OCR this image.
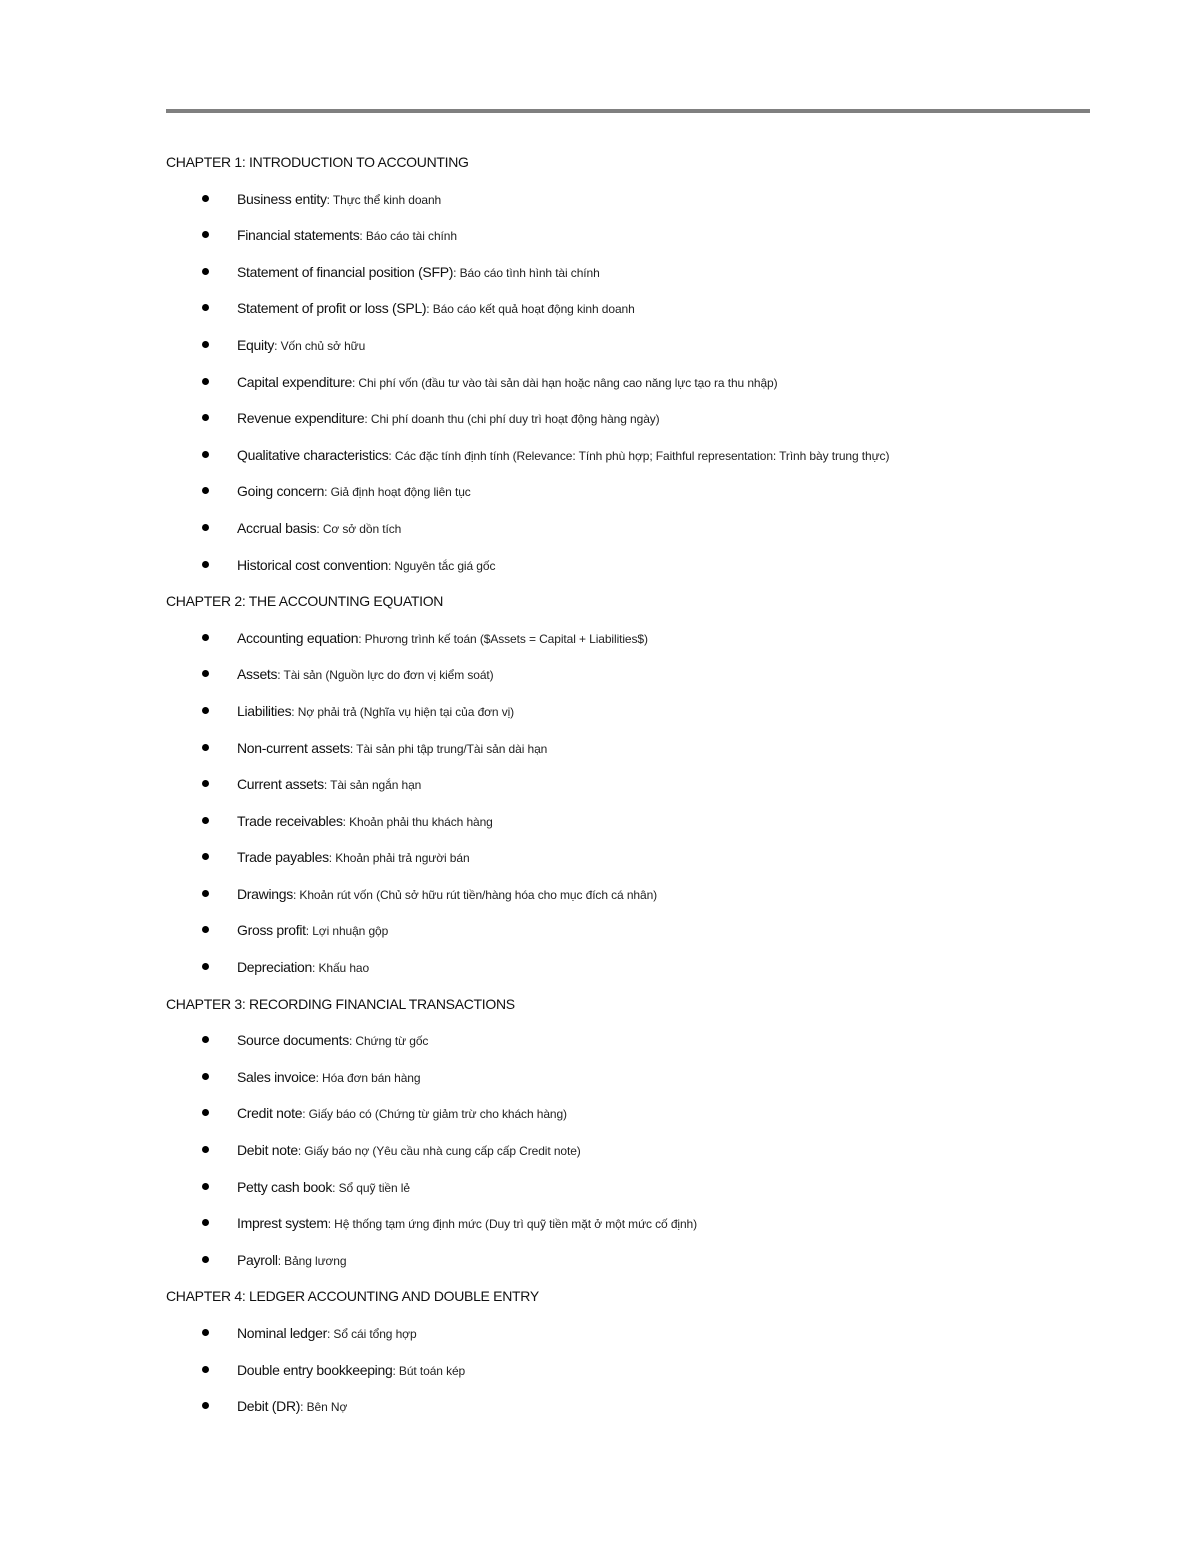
CHAPTER 1: INTRODUCTION TO ACCOUNTING
Business entity: Thực thể kinh doanh
Financial statements: Báo cáo tài chính
Statement of financial position (SFP): Báo cáo tình hình tài chính
Statement of profit or loss (SPL): Báo cáo kết quả hoạt động kinh doanh
Equity: Vốn chủ sở hữu
Capital expenditure: Chi phí vốn (đầu tư vào tài sản dài hạn hoặc nâng cao năng lực tạo ra thu nhập)
Revenue expenditure: Chi phí doanh thu (chi phí duy trì hoạt động hàng ngày)
Qualitative characteristics: Các đặc tính định tính (Relevance: Tính phù hợp; Faithful representation: Trình bày trung thực)
Going concern: Giả định hoạt động liên tục
Accrual basis: Cơ sở dồn tích
Historical cost convention: Nguyên tắc giá gốc
CHAPTER 2: THE ACCOUNTING EQUATION
Accounting equation: Phương trình kế toán ($Assets = Capital + Liabilities$)
Assets: Tài sản (Nguồn lực do đơn vị kiểm soát)
Liabilities: Nợ phải trả (Nghĩa vụ hiện tại của đơn vị)
Non-current assets: Tài sản phi tập trung/Tài sản dài hạn
Current assets: Tài sản ngắn hạn
Trade receivables: Khoản phải thu khách hàng
Trade payables: Khoản phải trả người bán
Drawings: Khoản rút vốn (Chủ sở hữu rút tiền/hàng hóa cho mục đích cá nhân)
Gross profit: Lợi nhuận gộp
Depreciation: Khấu hao
CHAPTER 3: RECORDING FINANCIAL TRANSACTIONS
Source documents: Chứng từ gốc
Sales invoice: Hóa đơn bán hàng
Credit note: Giấy báo có (Chứng từ giảm trừ cho khách hàng)
Debit note: Giấy báo nợ (Yêu cầu nhà cung cấp cấp Credit note)
Petty cash book: Sổ quỹ tiền lẻ
Imprest system: Hệ thống tạm ứng định mức (Duy trì quỹ tiền mặt ở một mức cố định)
Payroll: Bảng lương
CHAPTER 4: LEDGER ACCOUNTING AND DOUBLE ENTRY
Nominal ledger: Sổ cái tổng hợp
Double entry bookkeeping: Bút toán kép
Debit (DR): Bên Nợ
